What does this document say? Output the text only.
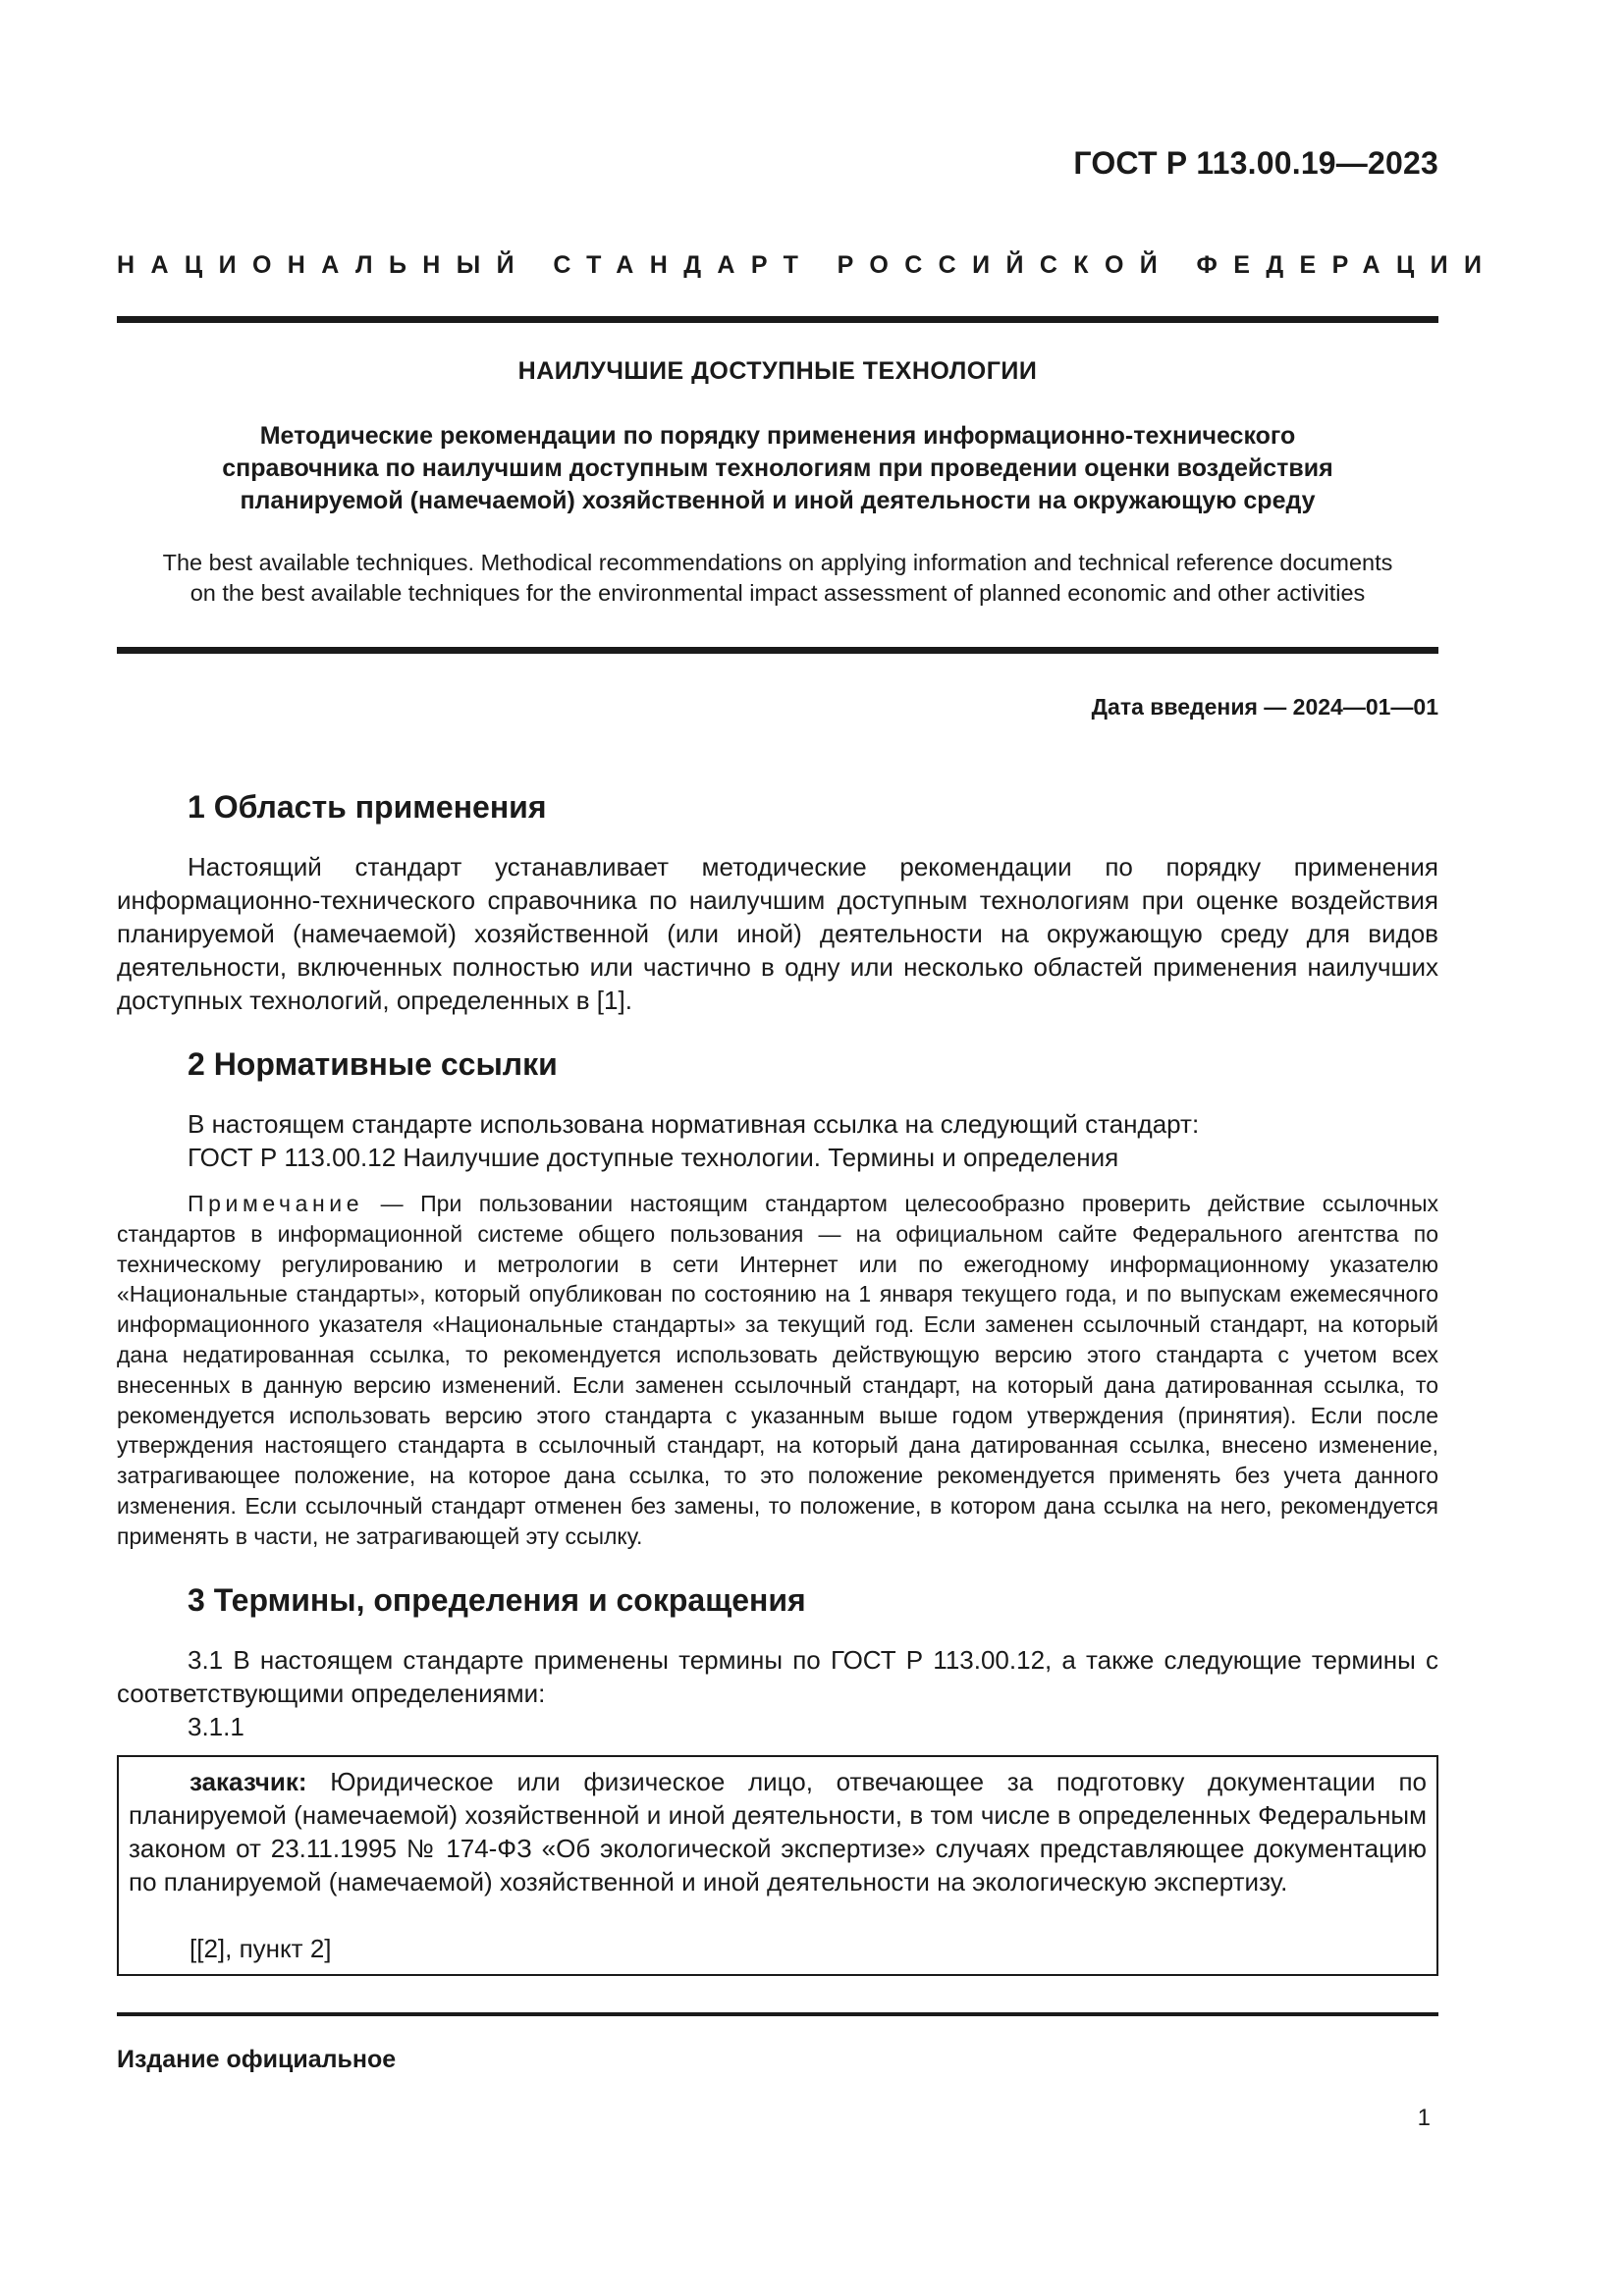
ГОСТ Р 113.00.19—2023
НАЦИОНАЛЬНЫЙ СТАНДАРТ РОССИЙСКОЙ ФЕДЕРАЦИИ
НАИЛУЧШИЕ ДОСТУПНЫЕ ТЕХНОЛОГИИ
Методические рекомендации по порядку применения информационно-технического
справочника по наилучшим доступным технологиям при проведении оценки воздействия
планируемой (намечаемой) хозяйственной и иной деятельности на окружающую среду
The best available techniques. Methodical recommendations on applying information and technical reference documents
on the best available techniques for the environmental impact assessment of planned economic and other activities
Дата введения — 2024—01—01
1 Область применения
Настоящий стандарт устанавливает методические рекомендации по порядку применения информационно-технического справочника по наилучшим доступным технологиям при оценке воздействия планируемой (намечаемой) хозяйственной (или иной) деятельности на окружающую среду для видов деятельности, включенных полностью или частично в одну или несколько областей применения наилучших доступных технологий, определенных в [1].
2 Нормативные ссылки
В настоящем стандарте использована нормативная ссылка на следующий стандарт:
ГОСТ Р 113.00.12 Наилучшие доступные технологии. Термины и определения
Примечание — При пользовании настоящим стандартом целесообразно проверить действие ссылочных стандартов в информационной системе общего пользования — на официальном сайте Федерального агентства по техническому регулированию и метрологии в сети Интернет или по ежегодному информационному указателю «Национальные стандарты», который опубликован по состоянию на 1 января текущего года, и по выпускам ежемесячного информационного указателя «Национальные стандарты» за текущий год. Если заменен ссылочный стандарт, на который дана недатированная ссылка, то рекомендуется использовать действующую версию этого стандарта с учетом всех внесенных в данную версию изменений. Если заменен ссылочный стандарт, на который дана датированная ссылка, то рекомендуется использовать версию этого стандарта с указанным выше годом утверждения (принятия). Если после утверждения настоящего стандарта в ссылочный стандарт, на который дана датированная ссылка, внесено изменение, затрагивающее положение, на которое дана ссылка, то это положение рекомендуется применять без учета данного изменения. Если ссылочный стандарт отменен без замены, то положение, в котором дана ссылка на него, рекомендуется применять в части, не затрагивающей эту ссылку.
3 Термины, определения и сокращения
3.1 В настоящем стандарте применены термины по ГОСТ Р 113.00.12, а также следующие термины с соответствующими определениями:
3.1.1
заказчик: Юридическое или физическое лицо, отвечающее за подготовку документации по планируемой (намечаемой) хозяйственной и иной деятельности, в том числе в определенных Федеральным законом от 23.11.1995 № 174-ФЗ «Об экологической экспертизе» случаях представляющее документацию по планируемой (намечаемой) хозяйственной и иной деятельности на экологическую экспертизу.
[[2], пункт 2]
Издание официальное
1
